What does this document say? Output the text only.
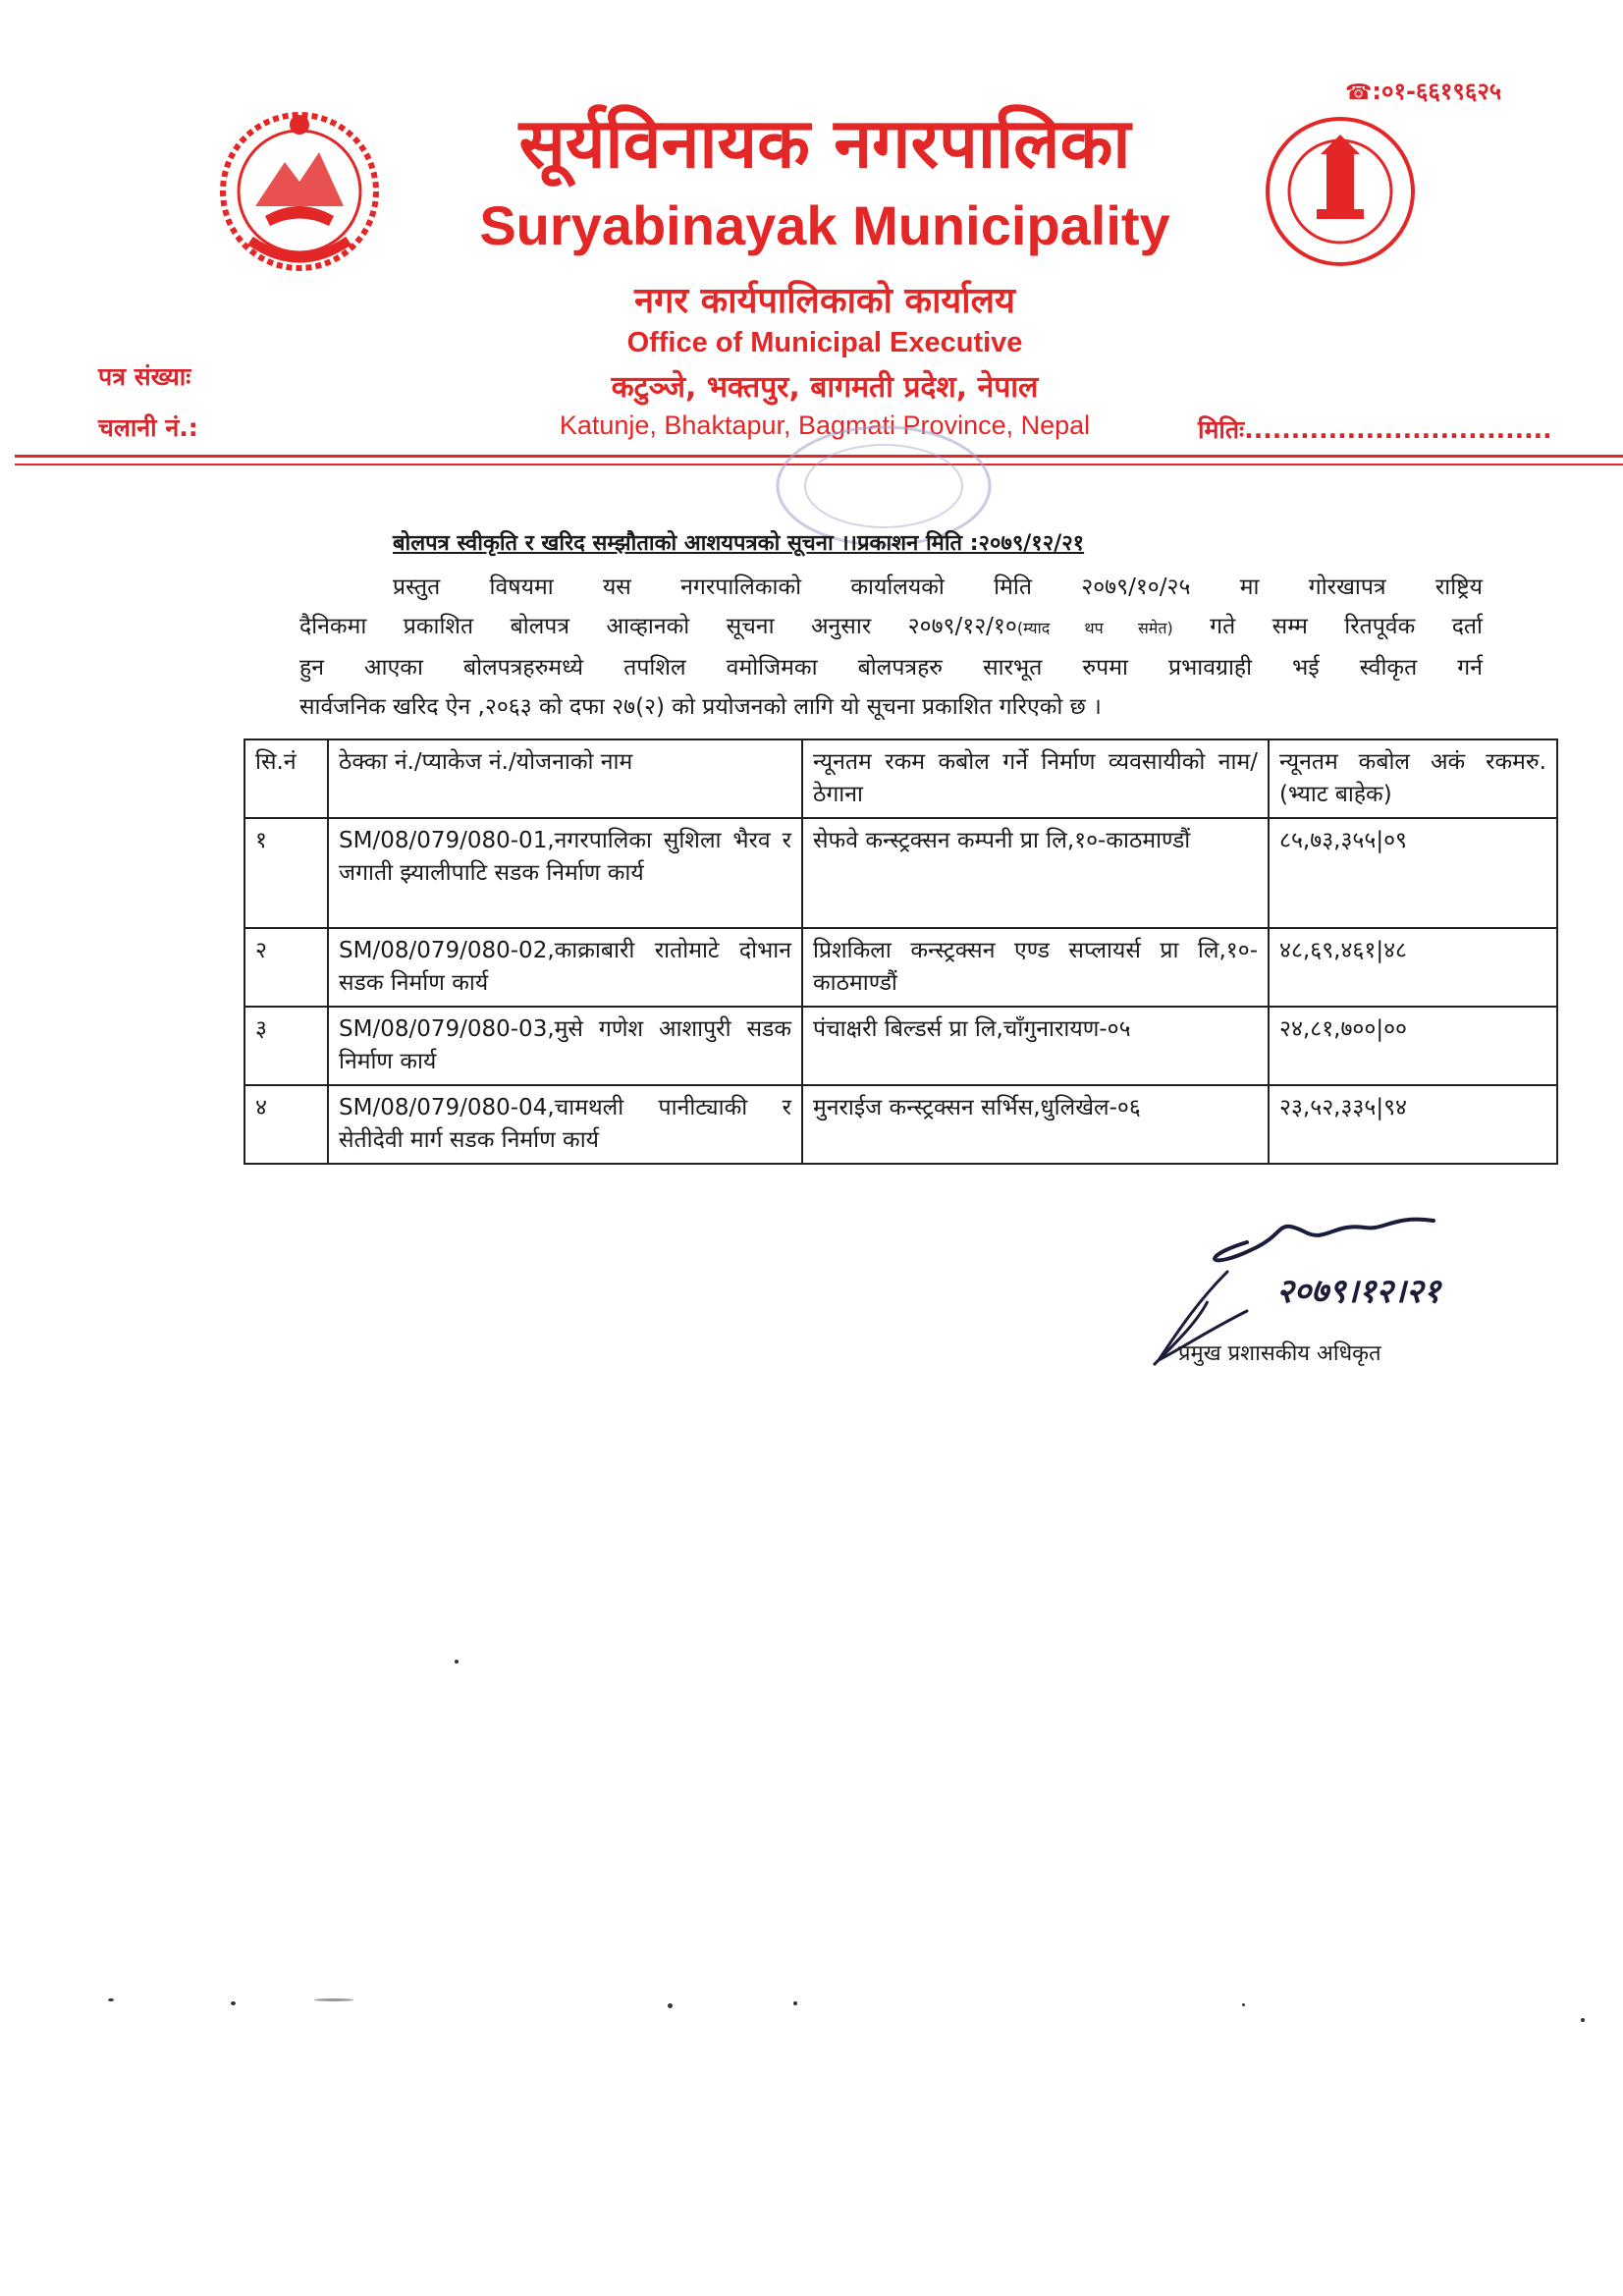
☎:०१-६६१९६२५
सूर्यविनायक नगरपालिका
Suryabinayak Municipality
नगर कार्यपालिकाको कार्यालय
Office of Municipal Executive
कटुञ्जे, भक्तपुर, बागमती प्रदेश, नेपाल
Katunje, Bhaktapur, Bagmati Province, Nepal
पत्र संख्याः
चलानी नं.:	मितिः.................................
बोलपत्र स्वीकृति र खरिद सम्झौताको आशयपत्रको सूचना ।।प्रकाशन मिति :२०७९/१२/२१

प्रस्तुत विषयमा यस नगरपालिकाको कार्यालयको मिति २०७९/१०/२५ मा गोरखापत्र राष्ट्रिय

दैनिकमा प्रकाशित बोलपत्र आव्हानको सूचना अनुसार २०७९/१२/१०(म्याद थप समेत) गते सम्म रितपूर्वक दर्ता

हुन आएका बोलपत्रहरुमध्ये तपशिल वमोजिमका बोलपत्रहरु सारभूत रुपमा प्रभावग्राही भई स्वीकृत गर्न

सार्वजनिक खरिद ऐन ,२०६३ को दफा २७(२) को प्रयोजनको लागि यो सूचना प्रकाशित गरिएको छ ।

सि.नं	ठेक्का नं./प्याकेज नं./योजनाको नाम	न्यूनतम रकम कबोल गर्ने निर्माण व्यवसायीको नाम/ठेगाना	न्यूनतम कबोल अकं रकमरु.(भ्याट बाहेक)
१	SM/08/079/080-01,नगरपालिका सुशिला भैरव र जगाती झ्यालीपाटि सडक निर्माण कार्य	सेफवे कन्स्ट्रक्सन कम्पनी प्रा लि,१०-काठमाण्डौं	८५,७३,३५५|०९
२	SM/08/079/080-02,काक्राबारी रातोमाटे दोभान सडक निर्माण कार्य	प्रिशकिला कन्स्ट्रक्सन एण्ड सप्लायर्स प्रा लि,१०-काठमाण्डौं	४८,६९,४६१|४८
३	SM/08/079/080-03,मुसे गणेश आशापुरी सडक निर्माण कार्य	पंचाक्षरी बिल्डर्स प्रा लि,चाँगुनारायण-०५	२४,८१,७००|००
४	SM/08/079/080-04,चामथली पानीट्याकी र सेतीदेवी मार्ग सडक निर्माण कार्य	मुनराईज कन्स्ट्रक्सन सर्भिस,धुलिखेल-०६	२३,५२,३३५|९४
२०७९।१२।२१
प्रमुख प्रशासकीय अधिकृत
